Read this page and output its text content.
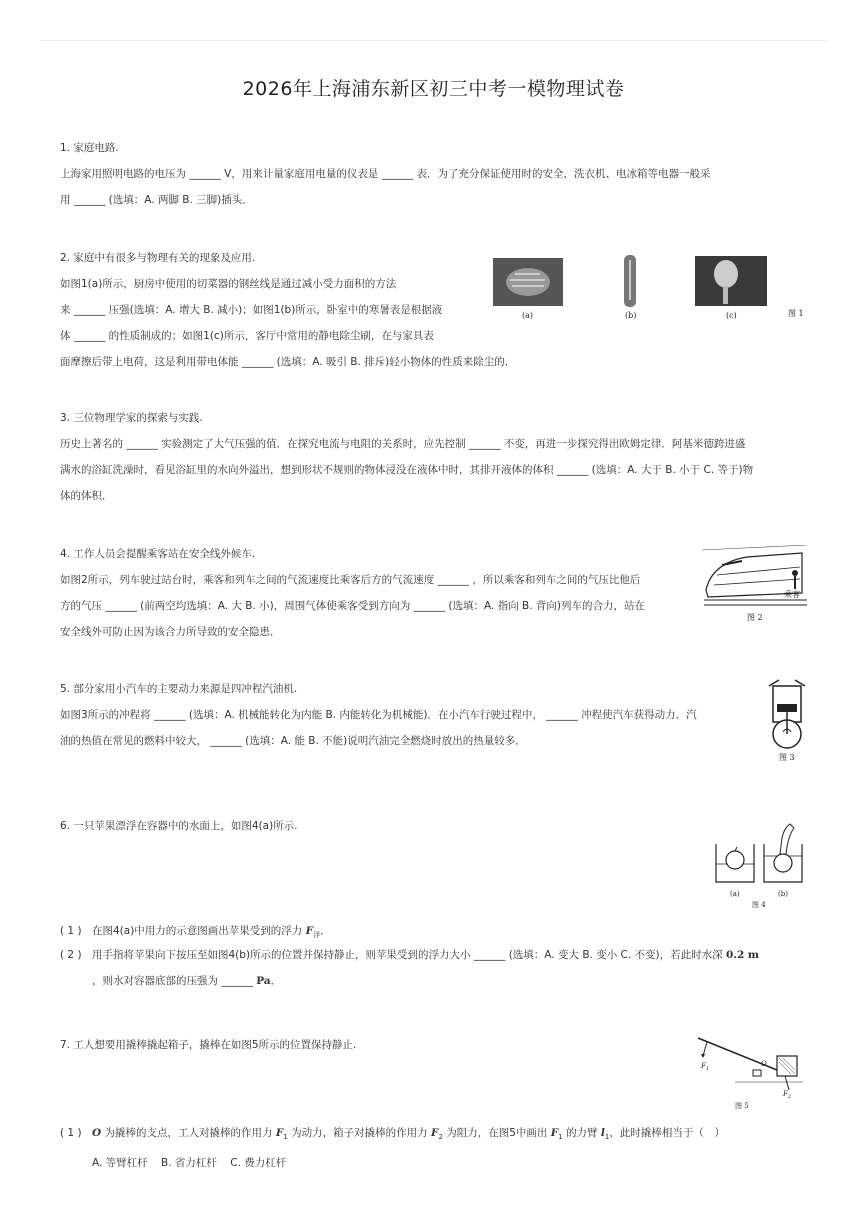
2026年上海浦东新区初三中考一模物理试卷

1. 家庭电路.

上海家用照明电路的电压为 ______ V，用来计量家庭用电量的仪表是 ______ 表．为了充分保证使用时的安全，洗衣机、电冰箱等电器一般采

用 ______ (选填：A. 两脚 B. 三脚)插头．

2. 家庭中有很多与物理有关的现象及应用.

如图1(a)所示，厨房中使用的切菜器的钢丝线是通过减小受力面积的方法

来 ______ 压强(选填：A. 增大 B. 减小)；如图1(b)所示，卧室中的寒暑表是根据液

体 ______ 的性质制成的；如图1(c)所示，客厅中常用的静电除尘刷，在与家具表

面摩擦后带上电荷，这是利用带电体能 ______ (选填：A. 吸引 B. 排斥)轻小物体的性质来除尘的．

(a)	(b)	(c)	图 1

3. 三位物理学家的探索与实践.

历史上著名的 ______ 实验测定了大气压强的值．在探究电流与电阻的关系时，应先控制 ______ 不变，再进一步探究得出欧姆定律．阿基米德跨进盛

满水的浴缸洗澡时，看见浴缸里的水向外溢出，想到形状不规则的物体浸没在液体中时，其排开液体的体积 ______ (选填：A. 大于 B. 小于 C. 等于)物

体的体积．

4. 工作人员会提醒乘客站在安全线外候车.

如图2所示，列车驶过站台时，乘客和列车之间的气流速度比乘客后方的气流速度 ______ ，所以乘客和列车之间的气压比他后

方的气压 ______ (前两空均选填：A. 大 B. 小)，周围气体使乘客受到方向为 ______ (选填：A. 指向 B. 背向)列车的合力，站在

安全线外可防止因为该合力所导致的安全隐患．

乘客
图 2

5. 部分家用小汽车的主要动力来源是四冲程汽油机.

如图3所示的冲程将 ______ (选填：A. 机械能转化为内能 B. 内能转化为机械能)．在小汽车行驶过程中， ______ 冲程使汽车获得动力．汽

油的热值在常见的燃料中较大， ______ (选填：A. 能 B. 不能)说明汽油完全燃烧时放出的热量较多．

图 3

6. 一只苹果漂浮在容器中的水面上，如图4(a)所示.

(a)	(b)
图 4
( 1 ) 在图4(a)中用力的示意图画出苹果受到的浮力 $F_浮$．
( 2 ) 用手指将苹果向下按压至如图4(b)所示的位置并保持静止，则苹果受到的浮力大小 ______ (选填：A. 变大 B. 变小 C. 不变)，若此时水深 0.2 m
，则水对容器底部的压强为 ______ Pa．

7. 工人想要用撬棒撬起箱子，撬棒在如图5所示的位置保持静止.

$F_1$
O
$F_2$
图 5
( 1 ) O 为撬棒的支点，工人对撬棒的作用力 $F_1$ 为动力，箱子对撬棒的作用力 $F_2$ 为阻力，在图5中画出 $F_1$ 的力臂 $l_1$，此时撬棒相当于（　）
A. 等臂杠杆 B. 省力杠杆 C. 费力杠杆
